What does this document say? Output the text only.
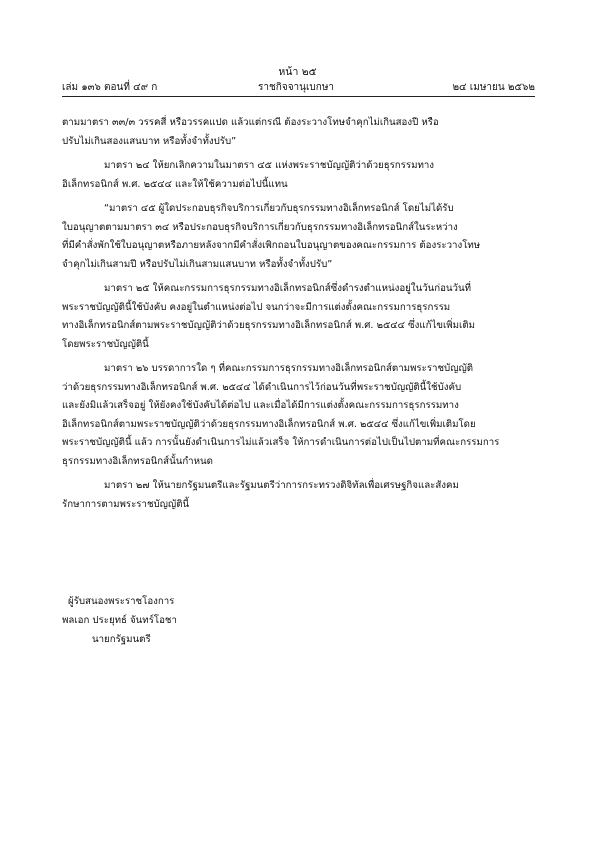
หน้า ๒๕
เล่ม ๑๓๖ ตอนที่ ๔๙ ก	ราชกิจจานุเบกษา	๒๔ เมษายน ๒๕๖๒

ตามมาตรา ๓๓/๓ วรรคสี่ หรือวรรคแปด แล้วแต่กรณี ต้องระวางโทษจำคุกไม่เกินสองปี หรือ
ปรับไม่เกินสองแสนบาท หรือทั้งจำทั้งปรับ”

มาตรา ๒๔ ให้ยกเลิกความในมาตรา ๔๕ แห่งพระราชบัญญัติว่าด้วยธุรกรรมทาง
อิเล็กทรอนิกส์ พ.ศ. ๒๕๔๔ และให้ใช้ความต่อไปนี้แทน

“มาตรา ๔๕ ผู้ใดประกอบธุรกิจบริการเกี่ยวกับธุรกรรมทางอิเล็กทรอนิกส์ โดยไม่ได้รับ
ใบอนุญาตตามมาตรา ๓๔ หรือประกอบธุรกิจบริการเกี่ยวกับธุรกรรมทางอิเล็กทรอนิกส์ในระหว่าง
ที่มีคำสั่งพักใช้ใบอนุญาตหรือภายหลังจากมีคำสั่งเพิกถอนใบอนุญาตของคณะกรรมการ ต้องระวางโทษ
จำคุกไม่เกินสามปี หรือปรับไม่เกินสามแสนบาท หรือทั้งจำทั้งปรับ”

มาตรา ๒๕ ให้คณะกรรมการธุรกรรมทางอิเล็กทรอนิกส์ซึ่งดำรงตำแหน่งอยู่ในวันก่อนวันที่
พระราชบัญญัตินี้ใช้บังคับ คงอยู่ในตำแหน่งต่อไป จนกว่าจะมีการแต่งตั้งคณะกรรมการธุรกรรม
ทางอิเล็กทรอนิกส์ตามพระราชบัญญัติว่าด้วยธุรกรรมทางอิเล็กทรอนิกส์ พ.ศ. ๒๕๔๔ ซึ่งแก้ไขเพิ่มเติม
โดยพระราชบัญญัตินี้

มาตรา ๒๖ บรรดาการใด ๆ ที่คณะกรรมการธุรกรรมทางอิเล็กทรอนิกส์ตามพระราชบัญญัติ
ว่าด้วยธุรกรรมทางอิเล็กทรอนิกส์ พ.ศ. ๒๕๔๔ ได้ดำเนินการไว้ก่อนวันที่พระราชบัญญัตินี้ใช้บังคับ
และยังมิแล้วเสร็จอยู่ ให้ยังคงใช้บังคับได้ต่อไป และเมื่อได้มีการแต่งตั้งคณะกรรมการธุรกรรมทาง
อิเล็กทรอนิกส์ตามพระราชบัญญัติว่าด้วยธุรกรรมทางอิเล็กทรอนิกส์ พ.ศ. ๒๕๔๔ ซึ่งแก้ไขเพิ่มเติมโดย
พระราชบัญญัตินี้ แล้ว การนั้นยังดำเนินการไม่แล้วเสร็จ ให้การดำเนินการต่อไปเป็นไปตามที่คณะกรรมการ
ธุรกรรมทางอิเล็กทรอนิกส์นั้นกำหนด

มาตรา ๒๗ ให้นายกรัฐมนตรีและรัฐมนตรีว่าการกระทรวงดิจิทัลเพื่อเศรษฐกิจและสังคม
รักษาการตามพระราชบัญญัตินี้

ผู้รับสนองพระราชโองการ
พลเอก ประยุทธ์ จันทร์โอชา
นายกรัฐมนตรี
